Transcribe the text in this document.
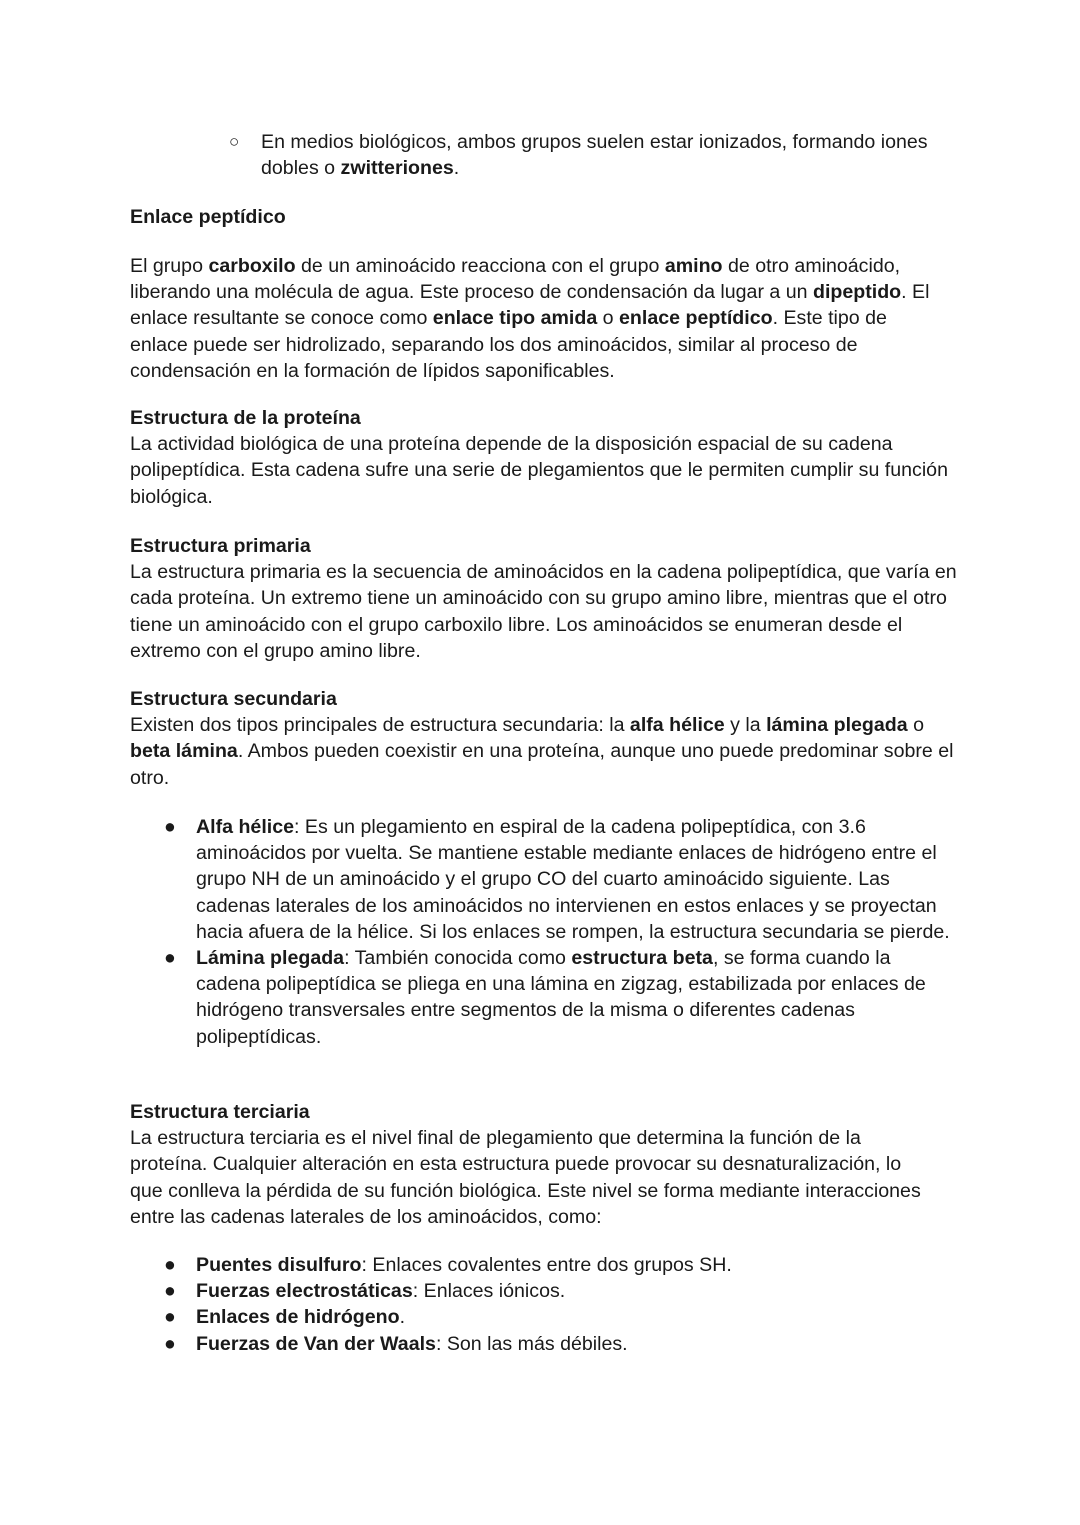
○ En medios biológicos, ambos grupos suelen estar ionizados, formando iones dobles o zwitteriones.
Enlace peptídico

El grupo carboxilo de un aminoácido reacciona con el grupo amino de otro aminoácido, liberando una molécula de agua. Este proceso de condensación da lugar a un dipeptido. El enlace resultante se conoce como enlace tipo amida o enlace peptídico. Este tipo de enlace puede ser hidrolizado, separando los dos aminoácidos, similar al proceso de condensación en la formación de lípidos saponificables.

Estructura de la proteína

La actividad biológica de una proteína depende de la disposición espacial de su cadena polipeptídica. Esta cadena sufre una serie de plegamientos que le permiten cumplir su función biológica.

Estructura primaria

La estructura primaria es la secuencia de aminoácidos en la cadena polipeptídica, que varía en cada proteína. Un extremo tiene un aminoácido con su grupo amino libre, mientras que el otro tiene un aminoácido con el grupo carboxilo libre. Los aminoácidos se enumeran desde el extremo con el grupo amino libre.

Estructura secundaria

Existen dos tipos principales de estructura secundaria: la alfa hélice y la lámina plegada o beta lámina. Ambos pueden coexistir en una proteína, aunque uno puede predominar sobre el otro.

● Alfa hélice: Es un plegamiento en espiral de la cadena polipeptídica, con 3.6 aminoácidos por vuelta. Se mantiene estable mediante enlaces de hidrógeno entre el grupo NH de un aminoácido y el grupo CO del cuarto aminoácido siguiente. Las cadenas laterales de los aminoácidos no intervienen en estos enlaces y se proyectan hacia afuera de la hélice. Si los enlaces se rompen, la estructura secundaria se pierde.
● Lámina plegada: También conocida como estructura beta, se forma cuando la cadena polipeptídica se pliega en una lámina en zigzag, estabilizada por enlaces de hidrógeno transversales entre segmentos de la misma o diferentes cadenas polipeptídicas.
Estructura terciaria

La estructura terciaria es el nivel final de plegamiento que determina la función de la proteína. Cualquier alteración en esta estructura puede provocar su desnaturalización, lo que conlleva la pérdida de su función biológica. Este nivel se forma mediante interacciones entre las cadenas laterales de los aminoácidos, como:

● Puentes disulfuro: Enlaces covalentes entre dos grupos SH.
● Fuerzas electrostáticas: Enlaces iónicos.
● Enlaces de hidrógeno.
● Fuerzas de Van der Waals: Son las más débiles.
